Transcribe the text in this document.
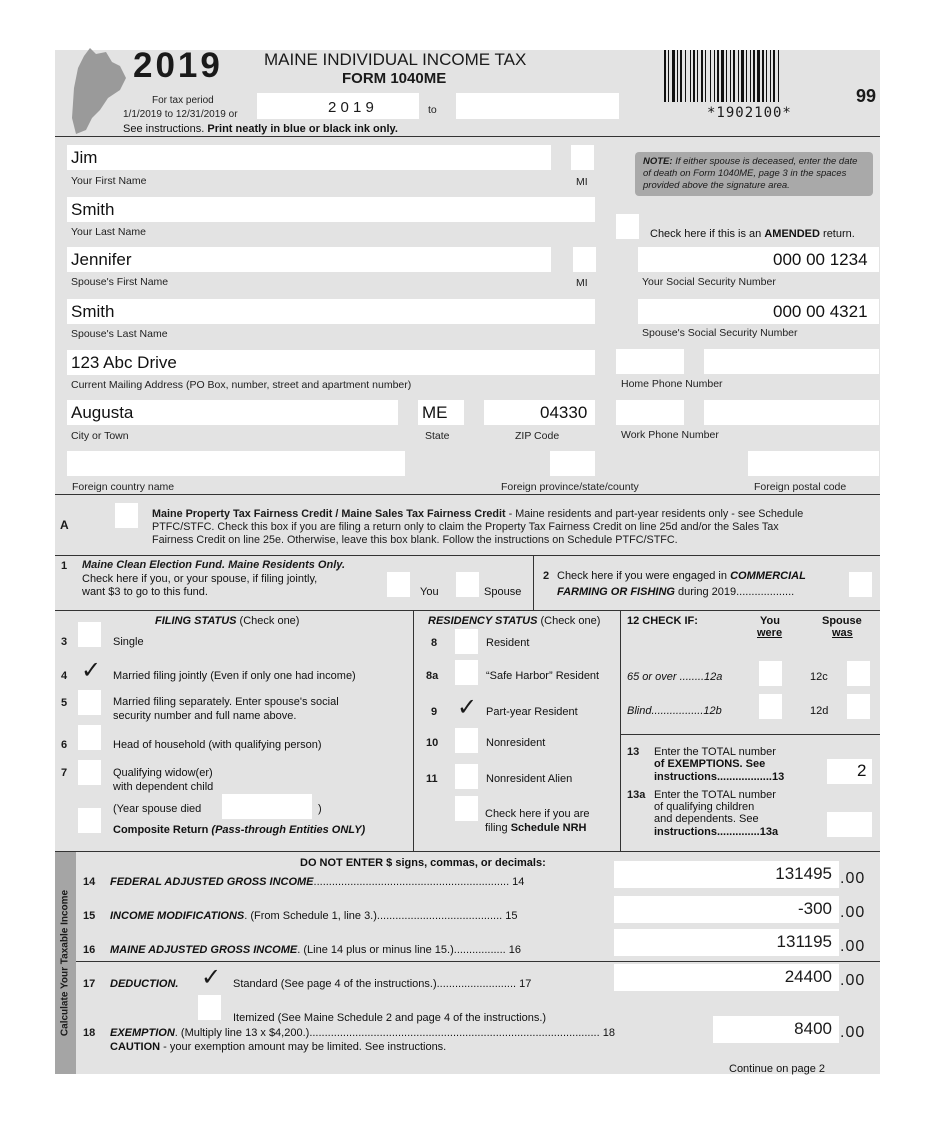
2019 MAINE INDIVIDUAL INCOME TAX
FORM 1040ME
For tax period
1/1/2019 to 12/31/2019 or	2 0 1 9	to
See instructions. Print neatly in blue or black ink only.
*1902100*
99
Jim
Your First Name	MI
Smith
Your Last Name
Jennifer
Spouse's First Name	MI
Smith
Spouse's Last Name
123 Abc Drive
Current Mailing Address (PO Box, number, street and apartment number)
Augusta
City or Town
ME
State
04330
ZIP Code
Foreign country name	Foreign province/state/county	Foreign postal code
NOTE: If either spouse is deceased, enter the date of death on Form 1040ME, page 3 in the spaces provided above the signature area.
Check here if this is an AMENDED return.
000 00 1234
Your Social Security Number
000 00 4321
Spouse's Social Security Number
Home Phone Number
Work Phone Number
A
Maine Property Tax Fairness Credit / Maine Sales Tax Fairness Credit - Maine residents and part-year residents only - see Schedule
PTFC/STFC. Check this box if you are filing a return only to claim the Property Tax Fairness Credit on line 25d and/or the Sales Tax
Fairness Credit on line 25e. Otherwise, leave this box blank. Follow the instructions on Schedule PTFC/STFC.
1 Maine Clean Election Fund. Maine Residents Only.
Check here if you, or your spouse, if filing jointly,
want $3 to go to this fund.	You	Spouse
2 Check here if you were engaged in COMMERCIAL
FARMING OR FISHING during 2019...................
FILING STATUS (Check one)
3	Single
4 ✓ Married filing jointly (Even if only one had income)
5	Married filing separately. Enter spouse's social
security number and full name above.
6	Head of household (with qualifying person)
7	Qualifying widow(er)
with dependent child
(Year spouse died	)
Composite Return (Pass-through Entities ONLY)
RESIDENCY STATUS (Check one)
8	Resident
8a	“Safe Harbor” Resident
9 ✓ Part-year Resident
10	Nonresident
11	Nonresident Alien
Check here if you are
filing Schedule NRH
12 CHECK IF:	You
were
Spouse
was
65 or over ........12a	12c
Blind.................12b	12d
13 Enter the TOTAL number
of EXEMPTIONS. See
instructions..................13	2
13a Enter the TOTAL number
of qualifying children
and dependents. See
instructions..............13a
Calculate Your Taxable Income
DO NOT ENTER $ signs, commas, or decimals:
14 FEDERAL ADJUSTED GROSS INCOME................................................................ 14	131495 .00
15 INCOME MODIFICATIONS. (From Schedule 1, line 3.)......................................... 15	-300 .00
16 MAINE ADJUSTED GROSS INCOME. (Line 14 plus or minus line 15.)................. 16	131195 .00
17 DEDUCTION. ✓ Standard (See page 4 of the instructions.).......................... 17	24400 .00
Itemized (See Maine Schedule 2 and page 4 of the instructions.)
18 EXEMPTION. (Multiply line 13 x $4,200.)............................................................................................... 18	8400 .00
CAUTION - your exemption amount may be limited. See instructions.
Continue on page 2
